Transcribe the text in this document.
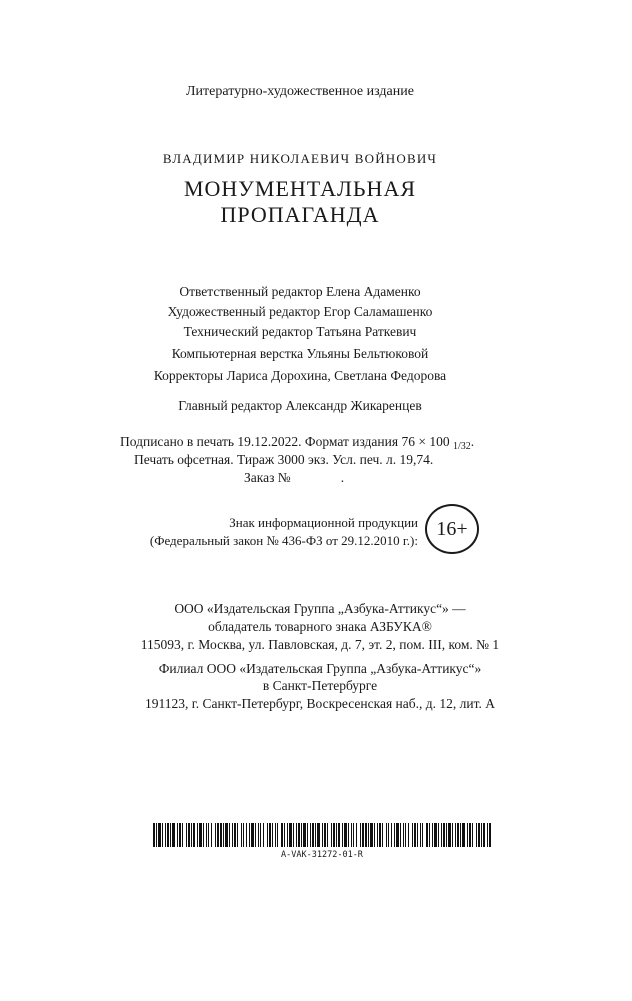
Литературно-художественное издание
ВЛАДИМИР НИКОЛАЕВИЧ ВОЙНОВИЧ
МОНУМЕНТАЛЬНАЯ
ПРОПАГАНДА
Ответственный редактор Елена Адаменко
Художественный редактор Егор Саламашенко
Технический редактор Татьяна Раткевич
Компьютерная верстка Ульяны Бельтюковой
Корректоры Лариса Дорохина, Светлана Федорова
Главный редактор Александр Жикаренцев
Подписано в печать 19.12.2022. Формат издания 76 × 100 $_{1/32}$.
Печать офсетная. Тираж 3000 экз. Усл. печ. л. 19,74.
Заказ №	.
Знак информационной продукции
(Федеральный закон № 436-ФЗ от 29.12.2010 г.):
16+
ООО «Издательская Группа „Азбука-Аттикус“» —
обладатель товарного знака АЗБУКА®
115093, г. Москва, ул. Павловская, д. 7, эт. 2, пом. III, ком. № 1
Филиал ООО «Издательская Группа „Азбука-Аттикус“»
в Санкт-Петербурге
191123, г. Санкт-Петербург, Воскресенская наб., д. 12, лит. А
A-VAK-31272-01-R
